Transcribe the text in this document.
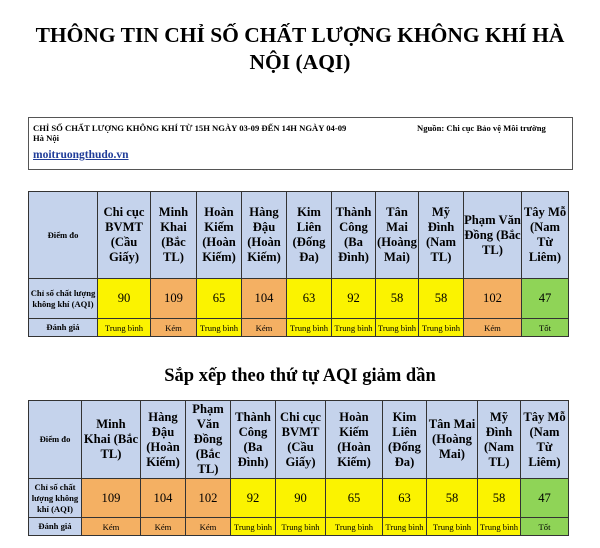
THÔNG TIN CHỈ SỐ CHẤT LƯỢNG KHÔNG KHÍ HÀ NỘI (AQI)
CHỈ SỐ CHẤT LƯỢNG KHÔNG KHÍ TỪ 15H NGÀY 03-09 ĐẾN 14H NGÀY 04-09
Hà Nội
Nguồn: Chi cục Bảo vệ Môi trường
moitruongthudo.vn
Điểm đo	Chi cục BVMT (Cầu Giấy)	Minh Khai (Bắc TL)	Hoàn Kiếm (Hoàn Kiếm)	Hàng Đậu (Hoàn Kiếm)	Kim Liên (Đống Đa)	Thành Công (Ba Đình)	Tân Mai (Hoàng Mai)	Mỹ Đình (Nam TL)	Phạm Văn Đồng (Bắc TL)	Tây Mỗ (Nam Từ Liêm)
Chỉ số chất lượng không khí (AQI)	90	109	65	104	63	92	58	58	102	47
Đánh giá	Trung bình	Kém	Trung bình	Kém	Trung bình	Trung bình	Trung bình	Trung bình	Kém	Tốt
Sắp xếp theo thứ tự AQI giảm dần
Điểm đo	Minh Khai (Bắc TL)	Hàng Đậu (Hoàn Kiếm)	Phạm Văn Đồng (Bắc TL)	Thành Công (Ba Đình)	Chi cục BVMT (Cầu Giấy)	Hoàn Kiếm (Hoàn Kiếm)	Kim Liên (Đống Đa)	Tân Mai (Hoàng Mai)	Mỹ Đình (Nam TL)	Tây Mỗ (Nam Từ Liêm)
Chỉ số chất lượng không khí (AQI)	109	104	102	92	90	65	63	58	58	47
Đánh giá	Kém	Kém	Kém	Trung bình	Trung bình	Trung bình	Trung bình	Trung bình	Trung bình	Tốt
